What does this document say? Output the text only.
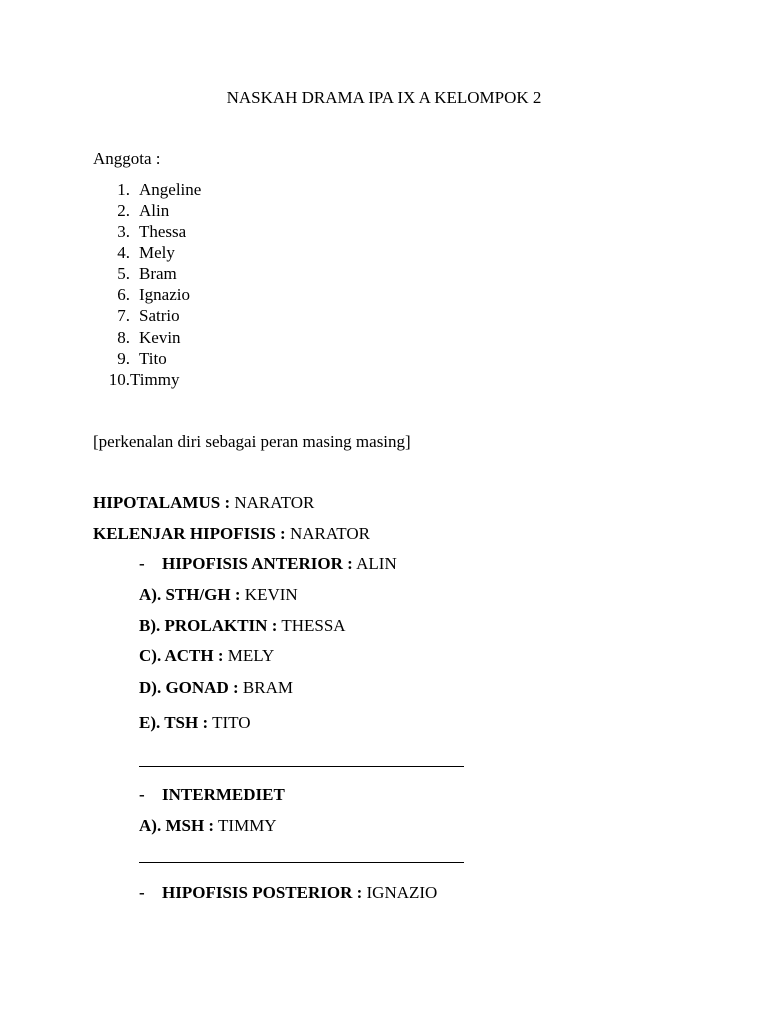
NASKAH DRAMA IPA IX A KELOMPOK 2
Anggota :
1. Angeline
2. Alin
3. Thessa
4. Mely
5. Bram
6. Ignazio
7. Satrio
8. Kevin
9. Tito
10.Timmy
[perkenalan diri sebagai peran masing masing]
HIPOTALAMUS : NARATOR
KELENJAR HIPOFISIS : NARATOR
- HIPOFISIS ANTERIOR : ALIN
A). STH/GH : KEVIN
B). PROLAKTIN : THESSA
C). ACTH : MELY
D). GONAD : BRAM
E). TSH : TITO
- INTERMEDIET
A). MSH : TIMMY
- HIPOFISIS POSTERIOR : IGNAZIO
